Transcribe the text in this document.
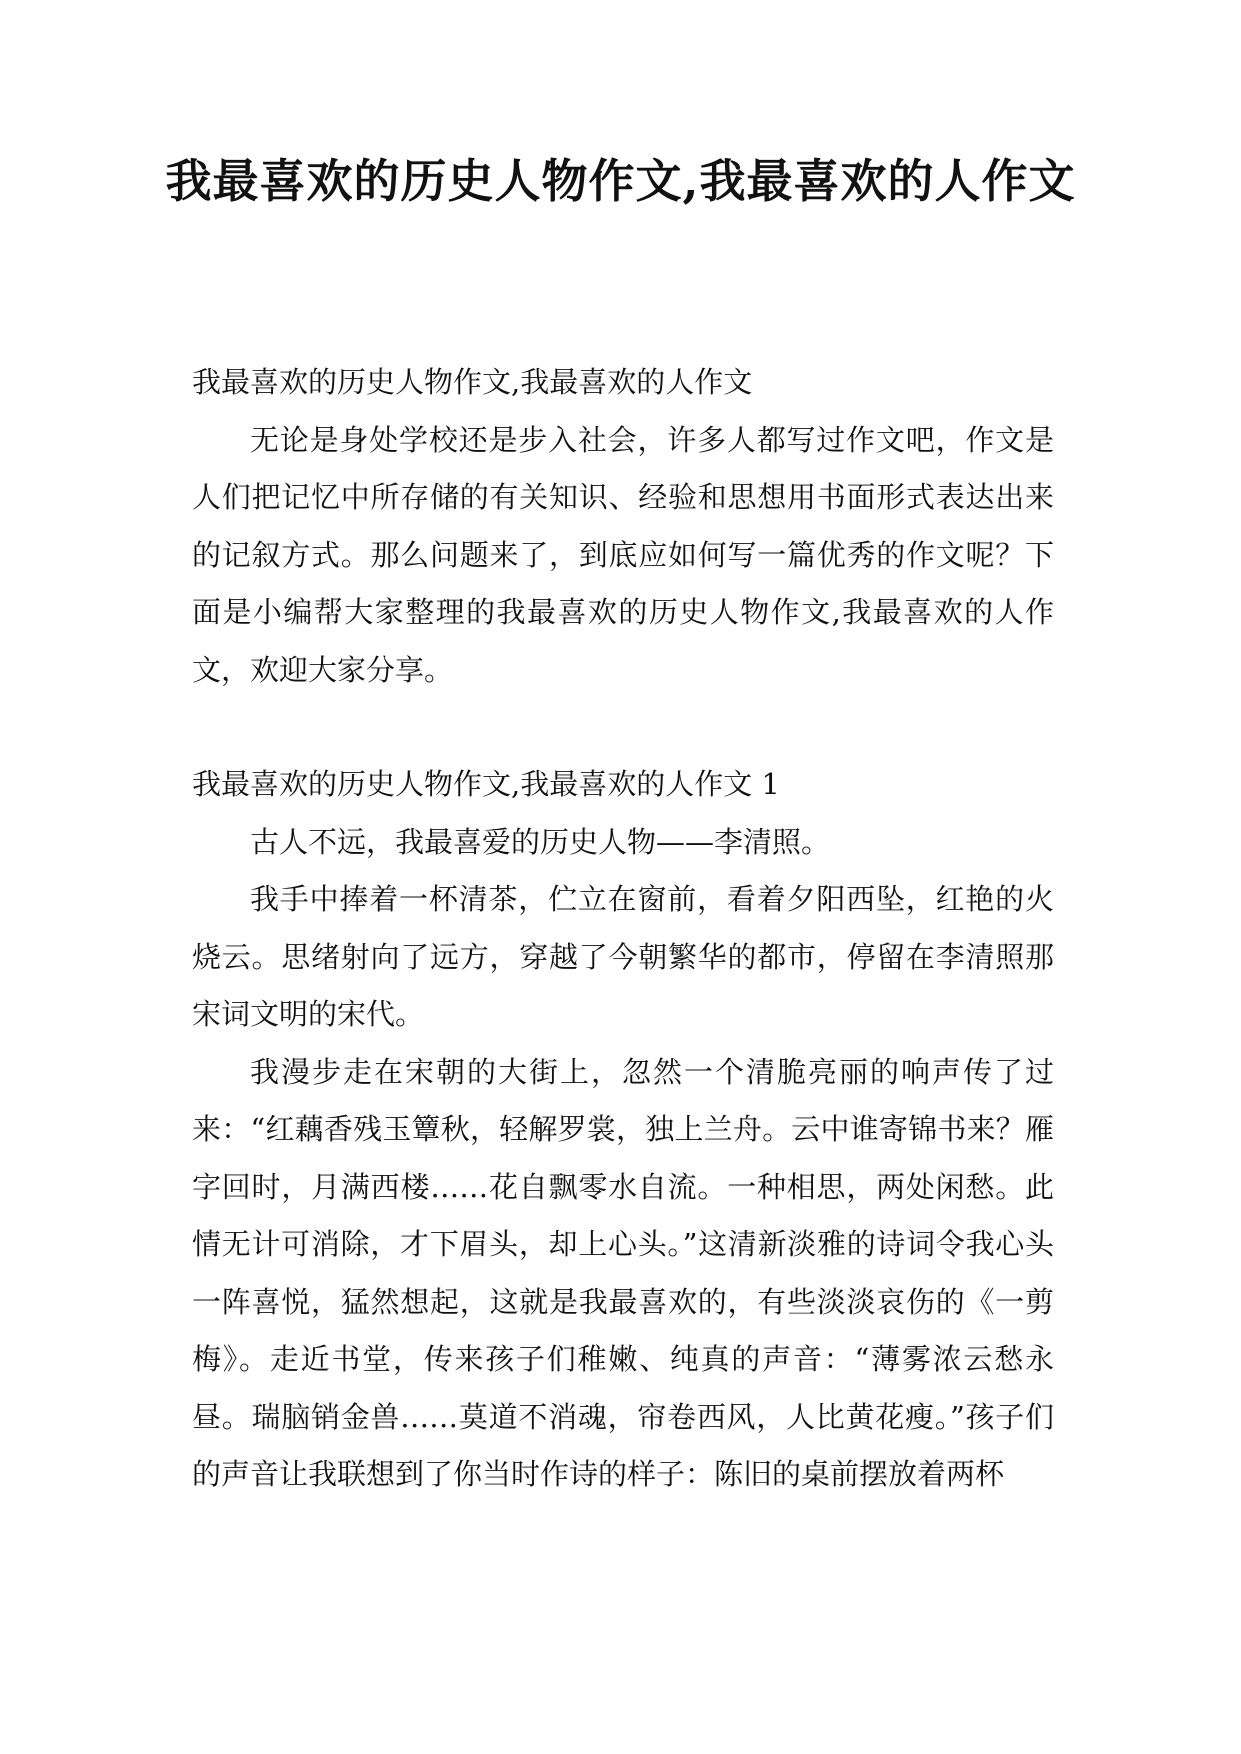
我最喜欢的历史人物作文,我最喜欢的人作文

我最喜欢的历史人物作文,我最喜欢的人作文

无论是身处学校还是步入社会，许多人都写过作文吧，作文是人们把记忆中所存储的有关知识、经验和思想用书面形式表达出来的记叙方式。那么问题来了，到底应如何写一篇优秀的作文呢？下面是小编帮大家整理的我最喜欢的历史人物作文,我最喜欢的人作文，欢迎大家分享。

我最喜欢的历史人物作文,我最喜欢的人作文 1

古人不远，我最喜爱的历史人物——李清照。

我手中捧着一杯清茶，伫立在窗前，看着夕阳西坠，红艳的火烧云。思绪射向了远方，穿越了今朝繁华的都市，停留在李清照那宋词文明的宋代。

我漫步走在宋朝的大街上，忽然一个清脆亮丽的响声传了过来：“红藕香残玉簟秋，轻解罗裳，独上兰舟。云中谁寄锦书来？雁字回时，月满西楼……花自飘零水自流。一种相思，两处闲愁。此情无计可消除，才下眉头，却上心头。”这清新淡雅的诗词令我心头一阵喜悦，猛然想起，这就是我最喜欢的，有些淡淡哀伤的《一剪梅》。走近书堂，传来孩子们稚嫩、纯真的声音：“薄雾浓云愁永昼。瑞脑销金兽……莫道不消魂，帘卷西风，人比黄花瘦。”孩子们的声音让我联想到了你当时作诗的样子：陈旧的桌前摆放着两杯
